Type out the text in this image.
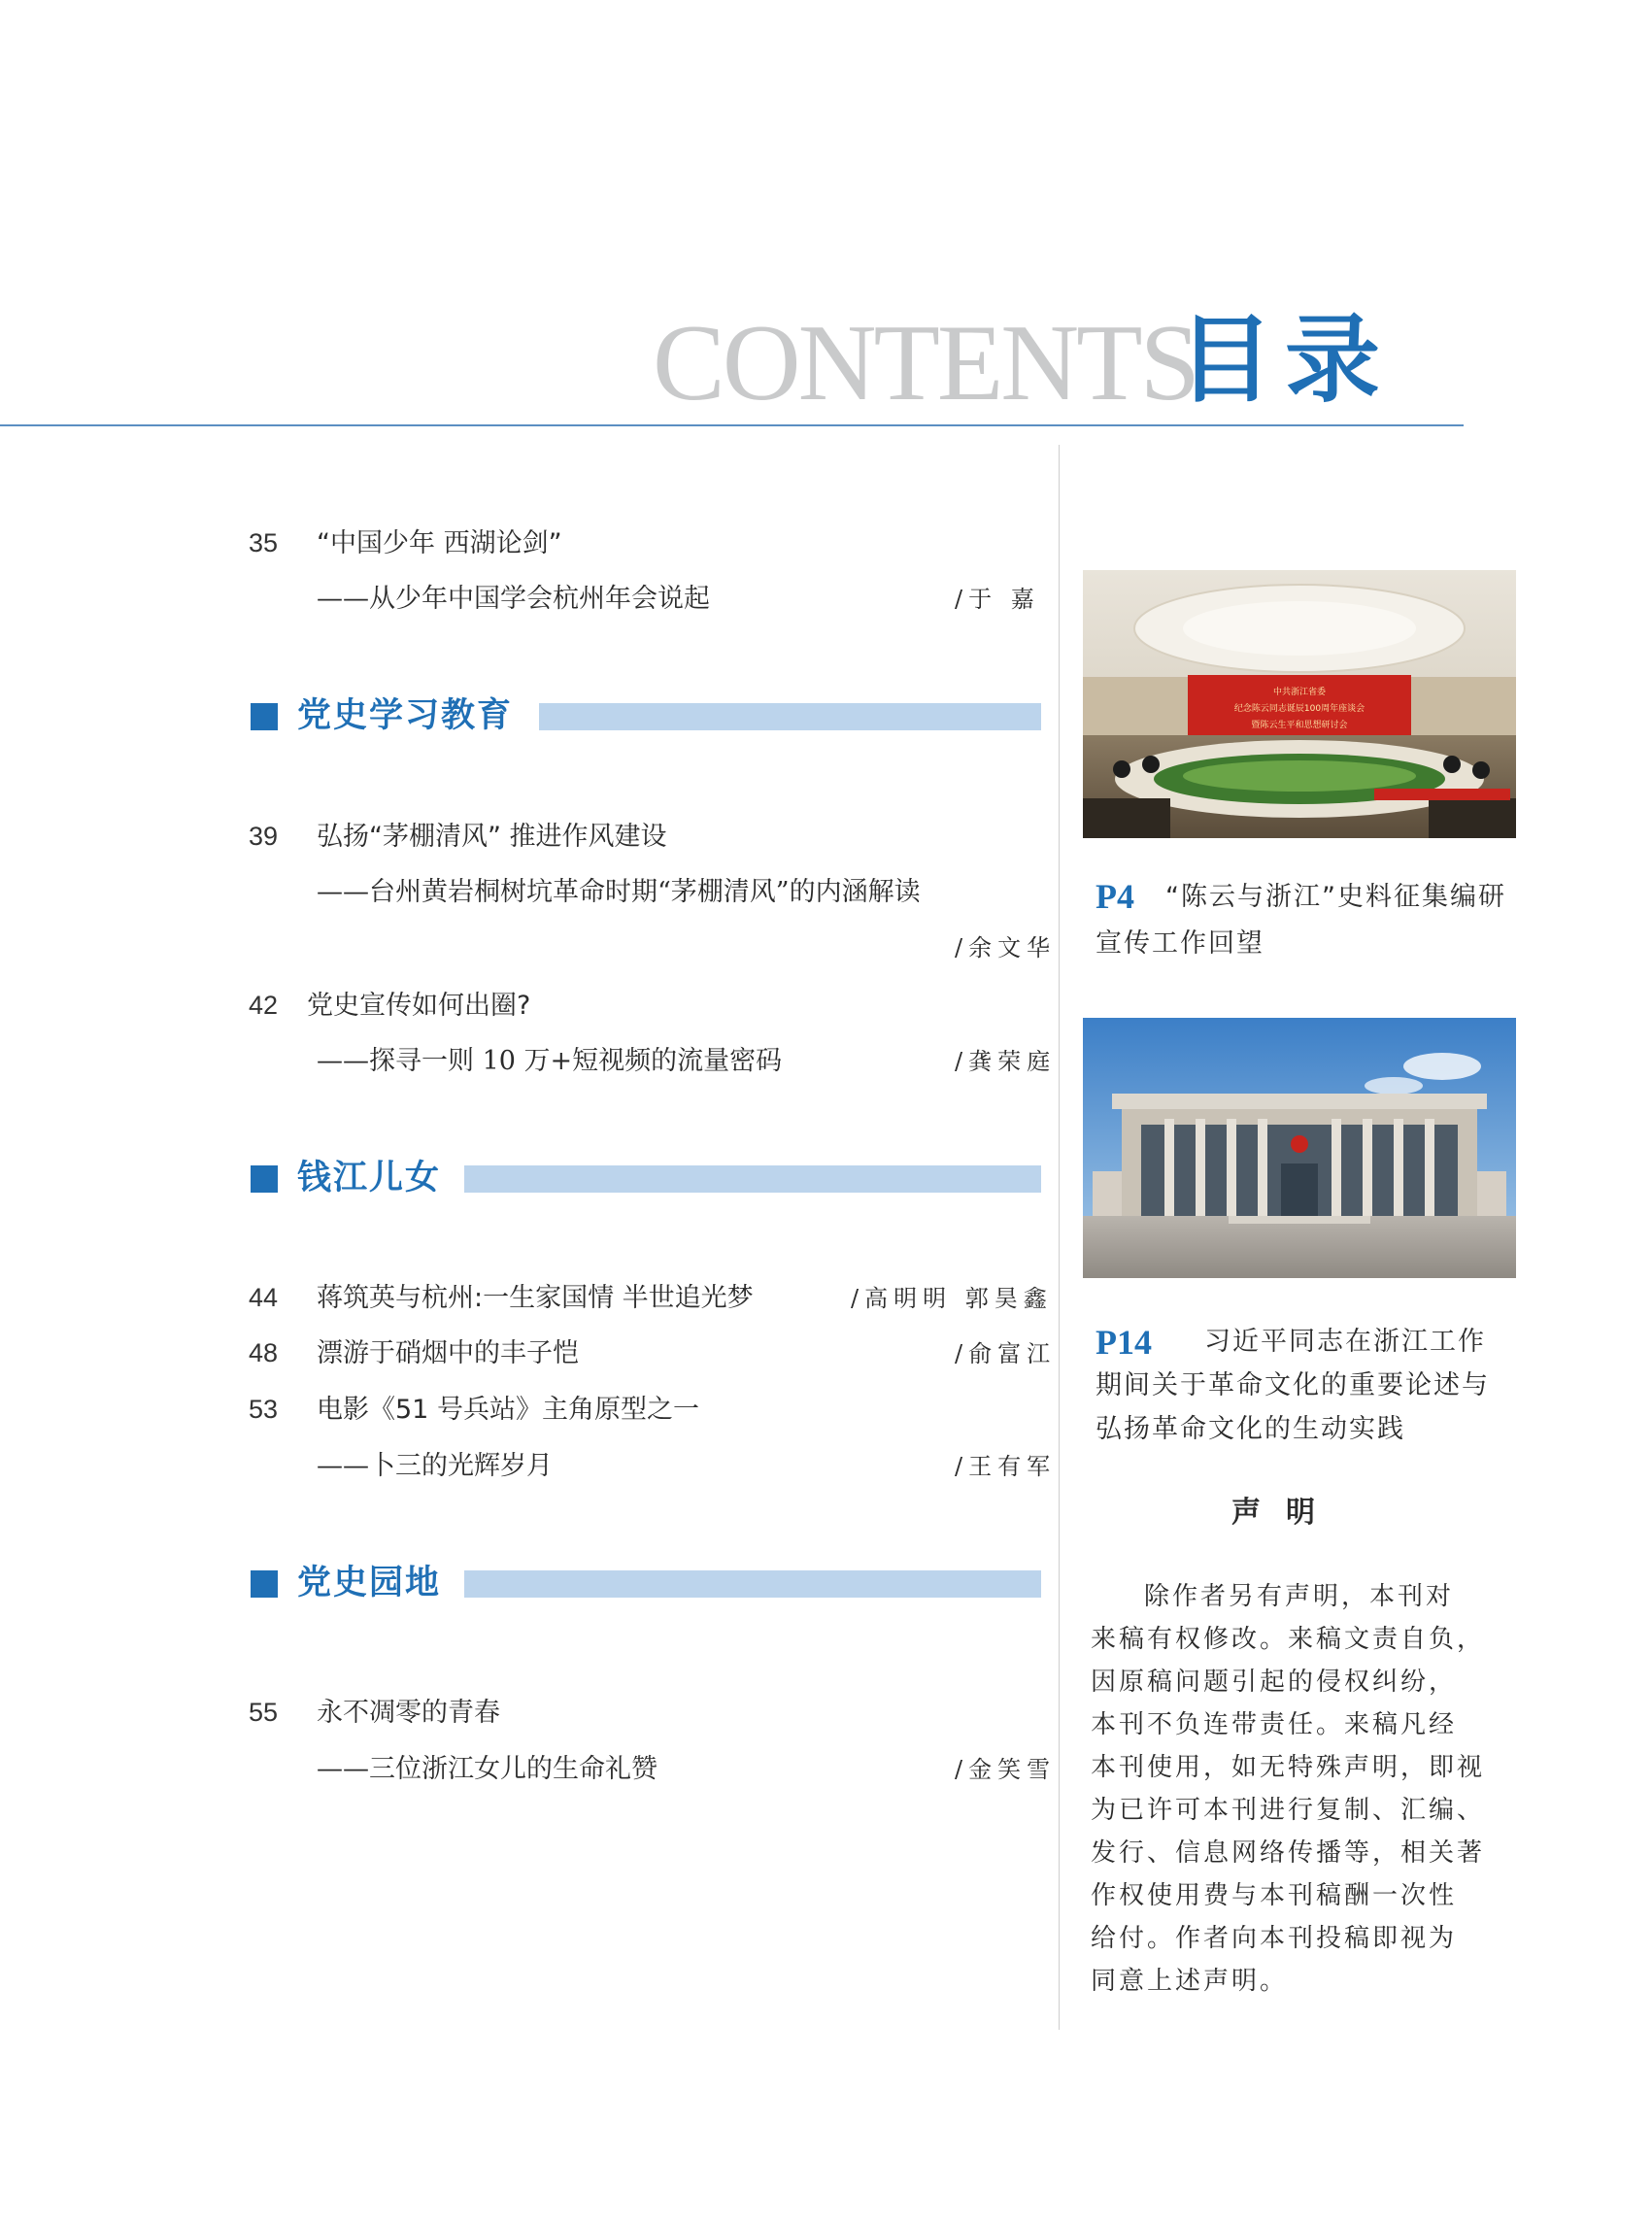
CONTENTS
目录
35 “中国少年 西湖论剑”
——从少年中国学会杭州年会说起	/于 嘉
党史学习教育
39 弘扬“茅棚清风” 推进作风建设
——台州黄岩桐树坑革命时期“茅棚清风”的内涵解读
/余文华
42 党史宣传如何出圈?
——探寻一则 10 万+短视频的流量密码	/龚荣庭
钱江儿女
44 蒋筑英与杭州:一生家国情 半世追光梦	/高明明 郭昊鑫
48 漂游于硝烟中的丰子恺	/俞富江
53 电影《51 号兵站》主角原型之一
——卜三的光辉岁月	/王有军
党史园地
55 永不凋零的青春
——三位浙江女儿的生命礼赞	/金笑雪
中共浙江省委
纪念陈云同志诞辰100周年座谈会
暨陈云生平和思想研讨会
P4 “陈云与浙江”史料征集编研
宣传工作回望
P14 习近平同志在浙江工作
期间关于革命文化的重要论述与
弘扬革命文化的生动实践
声明
除作者另有声明，本刊对
来稿有权修改。来稿文责自负，
因原稿问题引起的侵权纠纷，
本刊不负连带责任。来稿凡经
本刊使用，如无特殊声明，即视
为已许可本刊进行复制、汇编、
发行、信息网络传播等，相关著
作权使用费与本刊稿酬一次性
给付。作者向本刊投稿即视为
同意上述声明。
